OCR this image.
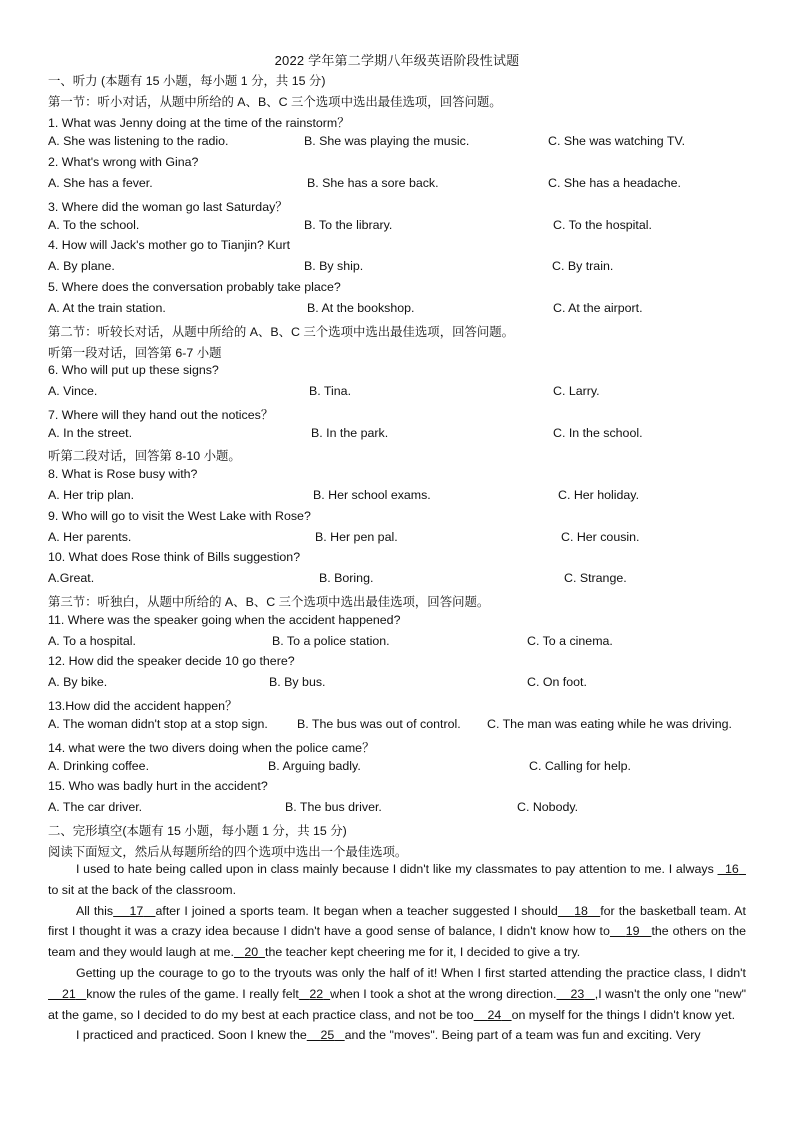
2022 学年第二学期八年级英语阶段性试题
一、听力 (本题有 15 小题，每小题 1 分，共 15 分)
第一节：听小对话，从题中所给的 A、B、C 三个选项中选出最佳选项，回答问题。
1. What was Jenny doing at the time of the rainstorm？
A. She was listening to the radio.	B. She was playing the music.	C. She was watching TV.
2. What's wrong with Gina?
A. She has a fever.	B. She has a sore back.	C. She has a headache.
3. Where did the woman go last Saturday？
A. To the school.	B. To the library.	C. To the hospital.
4. How will Jack's mother go to Tianjin? Kurt
A. By plane.	B. By ship.	C. By train.
5. Where does the conversation probably take place?
A. At the train station.	B. At the bookshop.	C. At the airport.
第二节：听较长对话，从题中所给的 A、B、C 三个选项中选出最佳选项，回答问题。
听第一段对话，回答第 6-7 小题
6. Who will put up these signs?
A. Vince.	B. Tina.	C. Larry.
7. Where will they hand out the notices？
A. In the street.	B. In the park.	C. In the school.
听第二段对话，回答第 8-10 小题。
8. What is Rose busy with?
A. Her trip plan.	B. Her school exams.	C. Her holiday.
9. Who will go to visit the West Lake with Rose?
A. Her parents.	B. Her pen pal.	C. Her cousin.
10. What does Rose think of Bills suggestion?
A.Great.	B. Boring.	C. Strange.
第三节：听独白，从题中所给的 A、B、C 三个选项中选出最佳选项，回答问题。
11. Where was the speaker going when the accident happened?
A. To a hospital.	B. To a police station.	C. To a cinema.
12. How did the speaker decide 10 go there?
A. By bike.	B. By bus.	C. On foot.
13.How did the accident happen？
A. The woman didn't stop at a stop sign. B. The bus was out of control. C. The man was eating while he was driving.
14. what were the two divers doing when the police came？
A. Drinking coffee.	B. Arguing badly.	C. Calling for help.
15. Who was badly hurt in the accident?
A. The car driver.	B. The bus driver.	C. Nobody.
二、完形填空(本题有 15 小题，每小题 1 分，共 15 分)
阅读下面短文，然后从每题所给的四个选项中选出一个最佳选项。

I used to hate being called upon in class mainly because I didn't like my classmates to pay attention to me. I always   16   to sit at the back of the classroom.

All this 17 after I joined a sports team. It began when a teacher suggested I should 18 for the basketball team. At first I thought it was a crazy idea because I didn't have a good sense of balance, I didn't know how to 19 the others on the team and they would laugh at me. 20 the teacher kept cheering me for it, I decided to give a try.

Getting up the courage to go to the tryouts was only the half of it! When I first started attending the practice class, I didn't     21 know the rules of the game. I really felt 22 when I took a shot at the wrong direction. 23 ,I wasn't the only one "new" at the game, so I decided to do my best at each practice class, and not be too 24 on myself for the things I didn't know yet.

I practiced and practiced. Soon I knew the 25 and the "moves". Being part of a team was fun and exciting. Very
